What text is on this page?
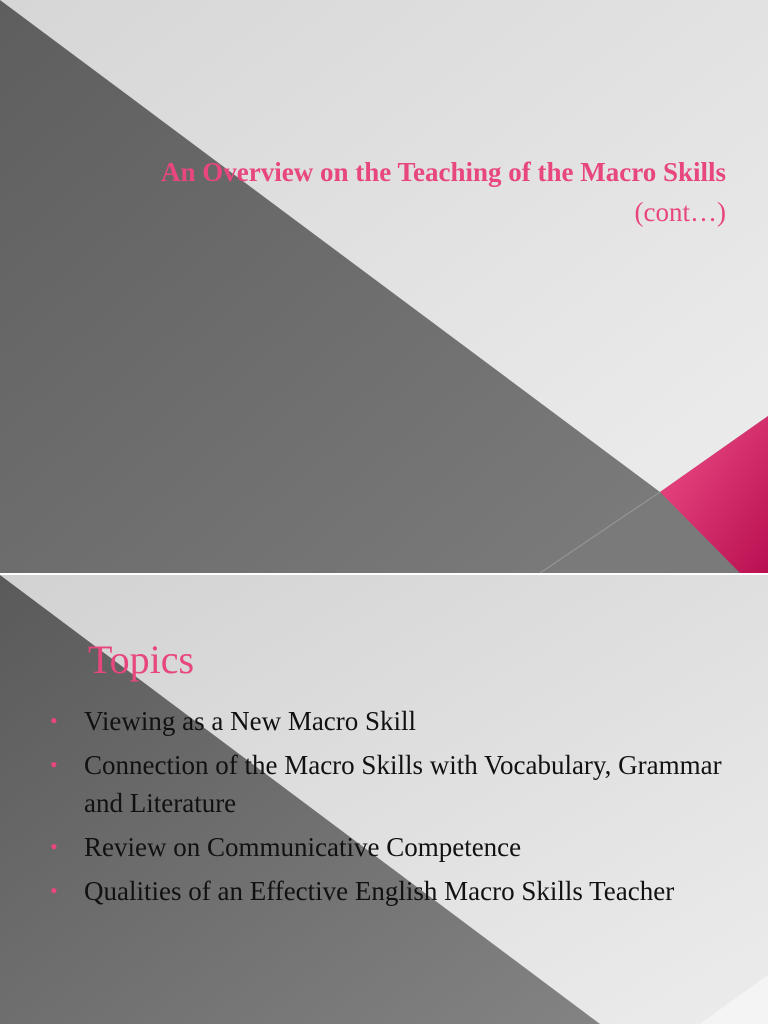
An Overview on the Teaching of the Macro Skills
(cont…)
Topics
• Viewing as a New Macro Skill
• Connection of the Macro Skills with Vocabulary, Grammar and Literature
• Review on Communicative Competence
• Qualities of an Effective English Macro Skills Teacher
